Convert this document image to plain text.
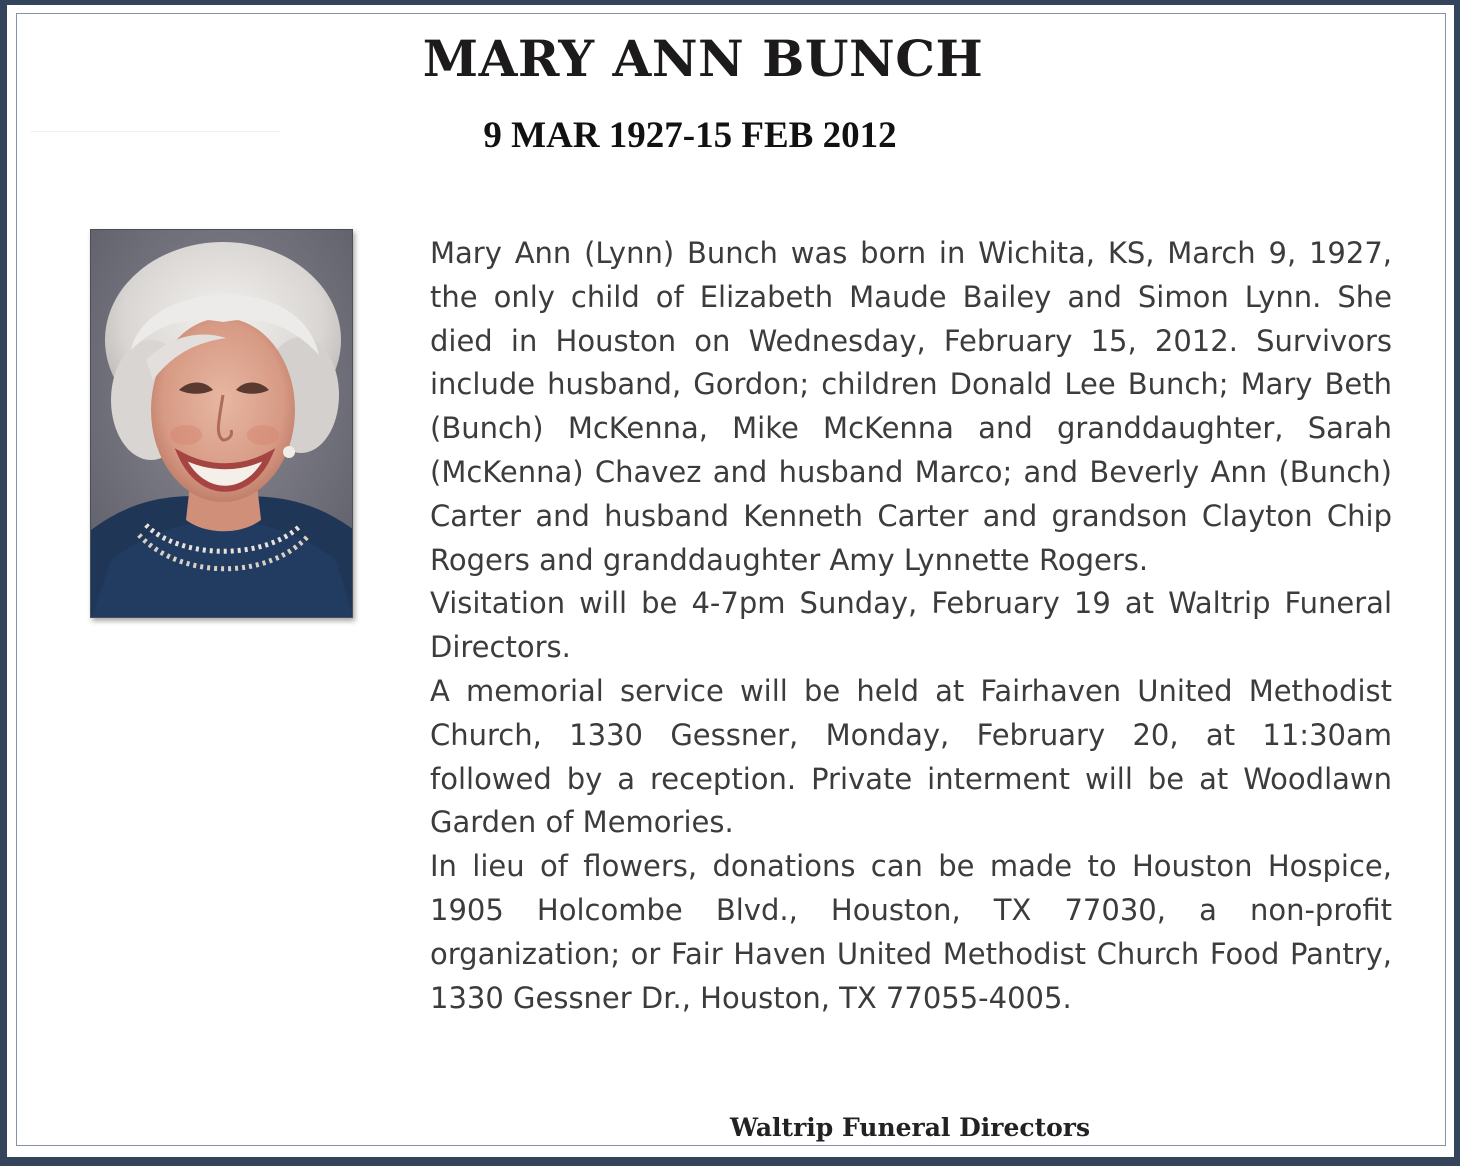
MARY ANN BUNCH
9 MAR 1927-15 FEB 2012

Mary Ann (Lynn) Bunch was born in Wichita, KS, March 9, 1927, the only child of Elizabeth Maude Bailey and Simon Lynn. She died in Houston on Wednesday, February 15, 2012. Survivors include husband, Gordon; children Donald Lee Bunch; Mary Beth (Bunch) McKenna, Mike McKenna and granddaughter, Sarah (McKenna) Chavez and husband Marco; and Beverly Ann (Bunch) Carter and husband Kenneth Carter and grandson Clayton Chip Rogers and granddaughter Amy Lynnette Rogers.

Visitation will be 4-7pm Sunday, February 19 at Waltrip Funeral Directors.

A memorial service will be held at Fairhaven United Methodist Church, 1330 Gessner, Monday, February 20, at 11:30am followed by a reception. Private interment will be at Woodlawn Garden of Memories.

In lieu of flowers, donations can be made to Houston Hospice, 1905 Holcombe Blvd., Houston, TX 77030, a non-profit organization; or Fair Haven United Methodist Church Food Pantry, 1330 Gessner Dr., Houston, TX 77055-4005.

Waltrip Funeral Directors
